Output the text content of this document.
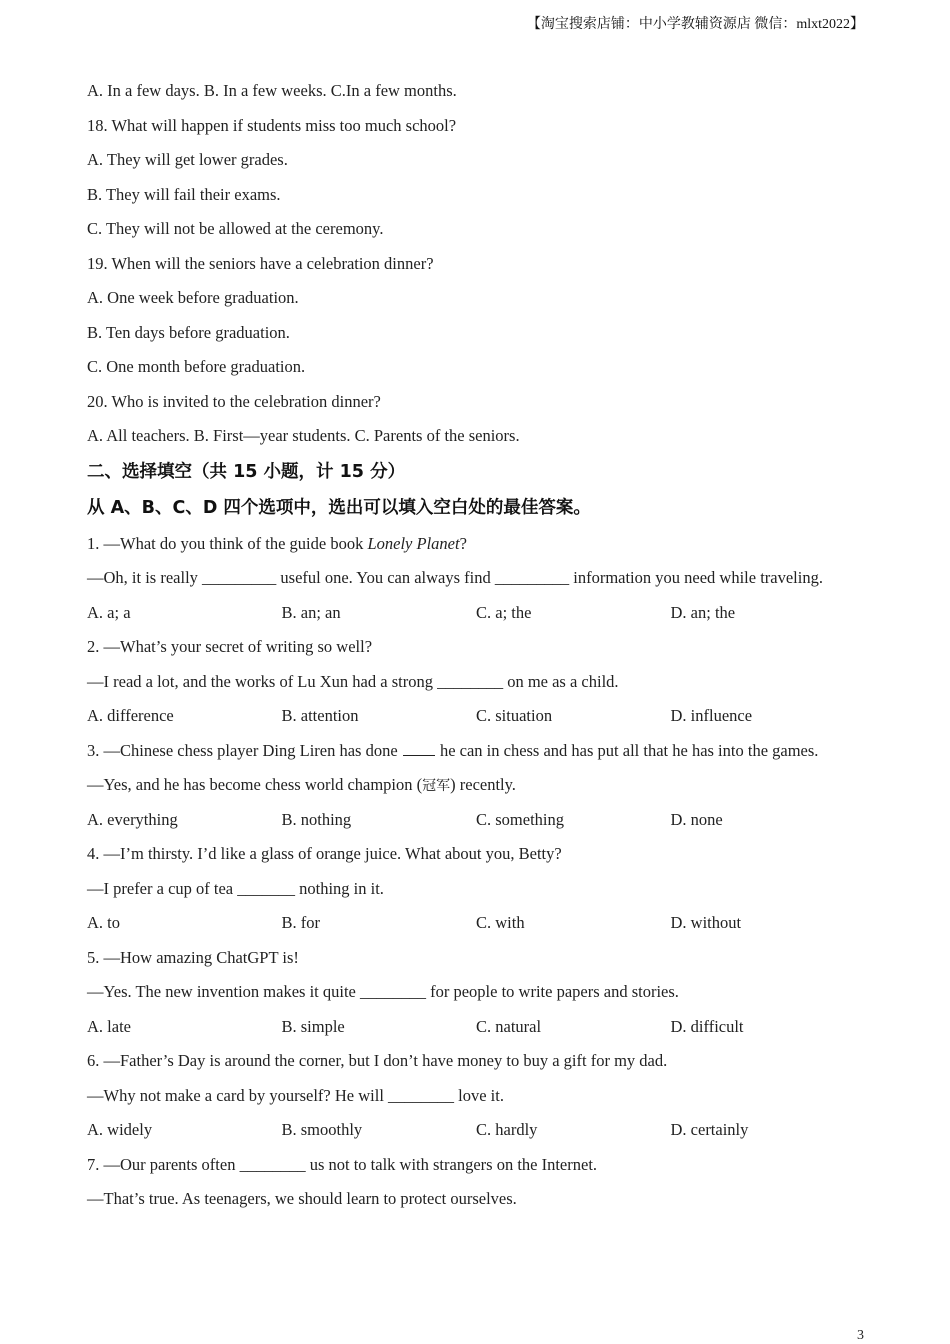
【淘宝搜索店铺：中小学教辅资源店 微信：mlxt2022】
A. In a few days. B. In a few weeks. C.In a few months.
18. What will happen if students miss too much school?
A. They will get lower grades.
B. They will fail their exams.
C. They will not be allowed at the ceremony.
19. When will the seniors have a celebration dinner?
A. One week before graduation.
B. Ten days before graduation.
C. One month before graduation.
20. Who is invited to the celebration dinner?
A. All teachers. B. First—year students. C. Parents of the seniors.
二、选择填空（共 15 小题，计 15 分）
从 A、B、C、D 四个选项中，选出可以填入空白处的最佳答案。
1. —What do you think of the guide book Lonely Planet?
—Oh, it is really _________ useful one. You can always find _________ information you need while traveling.
A. a; a	B. an; an	C. a; the	D. an; the
2. —What’s your secret of writing so well?
—I read a lot, and the works of Lu Xun had a strong ________ on me as a child.
A. difference	B. attention	C. situation	D. influence
3. —Chinese chess player Ding Liren has done  he can in chess and has put all that he has into the games.
—Yes, and he has become chess world champion (冠军) recently.
A. everything	B. nothing	C. something	D. none
4. —I’m thirsty. I’d like a glass of orange juice. What about you, Betty?
—I prefer a cup of tea _______ nothing in it.
A. to	B. for	C. with	D. without
5. —How amazing ChatGPT is!
—Yes. The new invention makes it quite ________ for people to write papers and stories.
A. late	B. simple	C. natural	D. difficult
6. —Father’s Day is around the corner, but I don’t have money to buy a gift for my dad.
—Why not make a card by yourself? He will ________ love it.
A. widely	B. smoothly	C. hardly	D. certainly
7. —Our parents often ________ us not to talk with strangers on the Internet.
—That’s true. As teenagers, we should learn to protect ourselves.
3
